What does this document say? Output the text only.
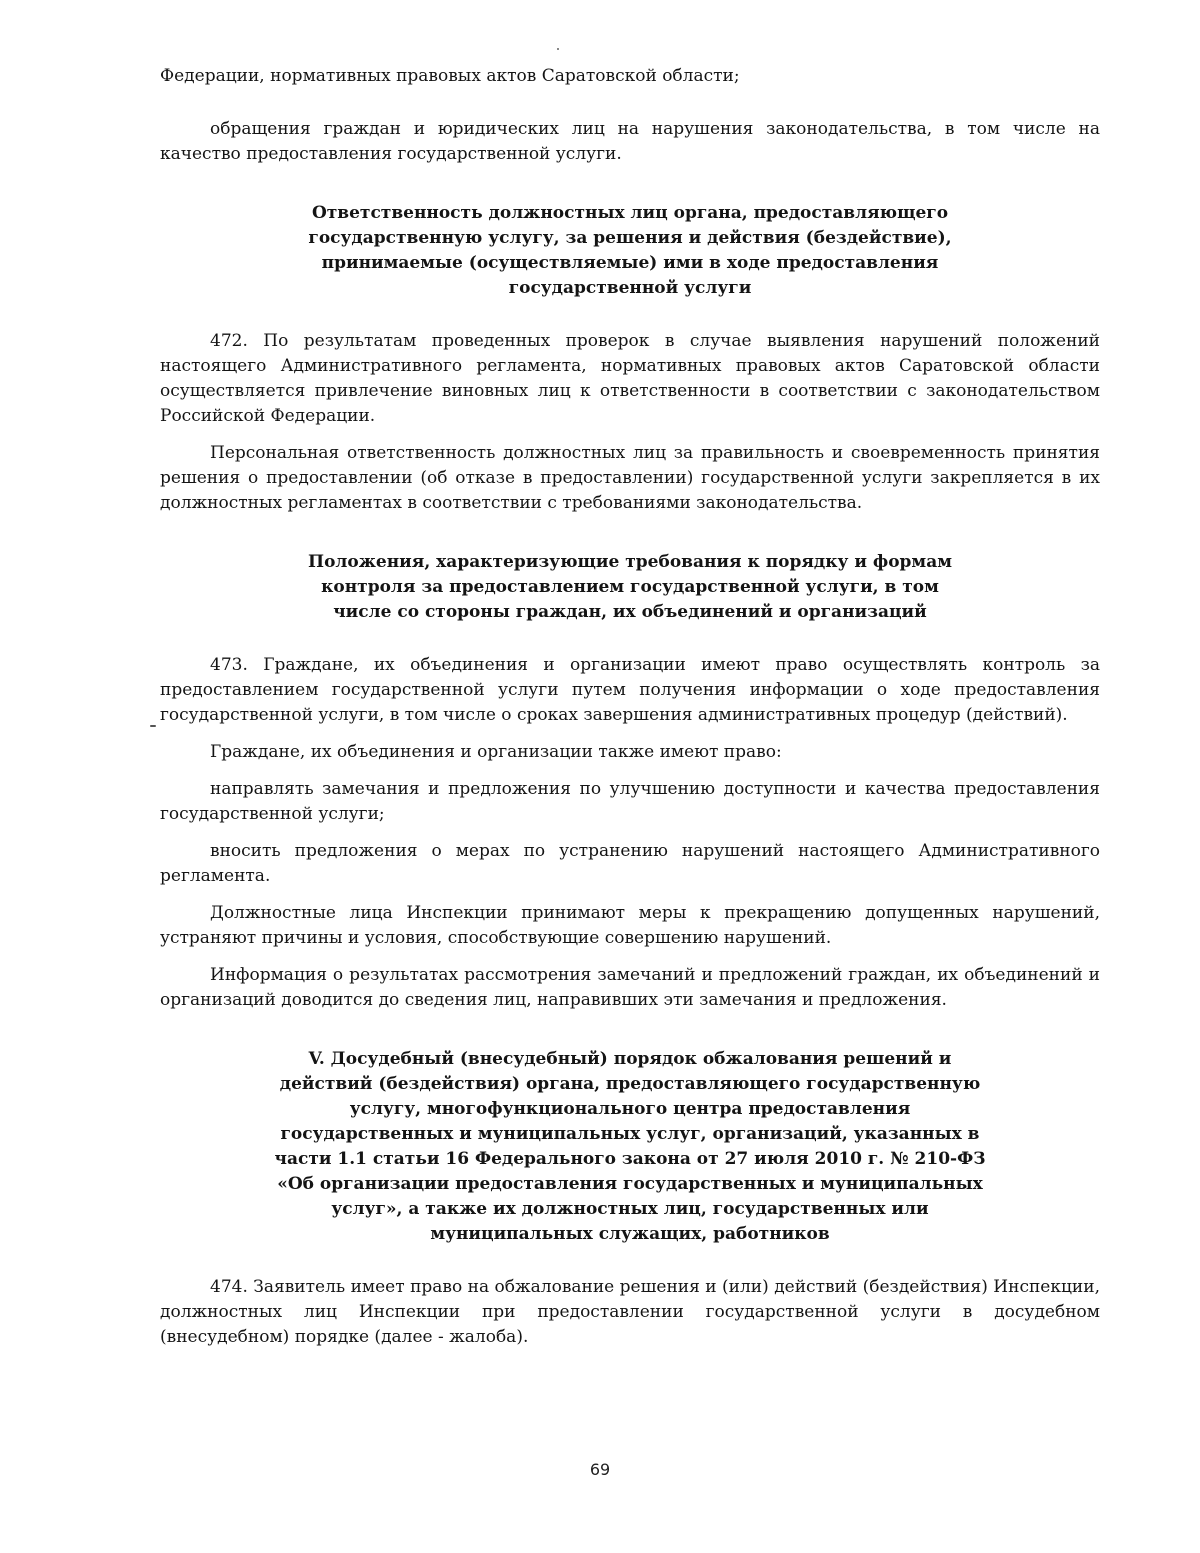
Федерации, нормативных правовых актов Саратовской области;

обращения граждан и юридических лиц на нарушения законодательства, в том числе на качество предоставления государственной услуги.

Ответственность должностных лиц органа, предоставляющего государственную услугу, за решения и действия (бездействие), принимаемые (осуществляемые) ими в ходе предоставления государственной услуги

472. По результатам проведенных проверок в случае выявления нарушений положений настоящего Административного регламента, нормативных правовых актов Саратовской области осуществляется привлечение виновных лиц к ответственности в соответствии с законодательством Российской Федерации.

Персональная ответственность должностных лиц за правильность и своевременность принятия решения о предоставлении (об отказе в предоставлении) государственной услуги закрепляется в их должностных регламентах в соответствии с требованиями законодательства.

Положения, характеризующие требования к порядку и формам контроля за предоставлением государственной услуги, в том числе со стороны граждан, их объединений и организаций

473. Граждане, их объединения и организации имеют право осуществлять контроль за предоставлением государственной услуги путем получения информации о ходе предоставления государственной услуги, в том числе о сроках завершения административных процедур (действий).

Граждане, их объединения и организации также имеют право:

направлять замечания и предложения по улучшению доступности и качества предоставления государственной услуги;

вносить предложения о мерах по устранению нарушений настоящего Административного регламента.

Должностные лица Инспекции принимают меры к прекращению допущенных нарушений, устраняют причины и условия, способствующие совершению нарушений.

Информация о результатах рассмотрения замечаний и предложений граждан, их объединений и организаций доводится до сведения лиц, направивших эти замечания и предложения.

V. Досудебный (внесудебный) порядок обжалования решений и действий (бездействия) органа, предоставляющего государственную услугу, многофункционального центра предоставления государственных и муниципальных услуг, организаций, указанных в части 1.1 статьи 16 Федерального закона от 27 июля 2010 г. № 210-ФЗ «Об организации предоставления государственных и муниципальных услуг», а также их должностных лиц, государственных или муниципальных служащих, работников

474. Заявитель имеет право на обжалование решения и (или) действий (бездействия) Инспекции, должностных лиц Инспекции при предоставлении государственной услуги в досудебном (внесудебном) порядке (далее - жалоба).

69
